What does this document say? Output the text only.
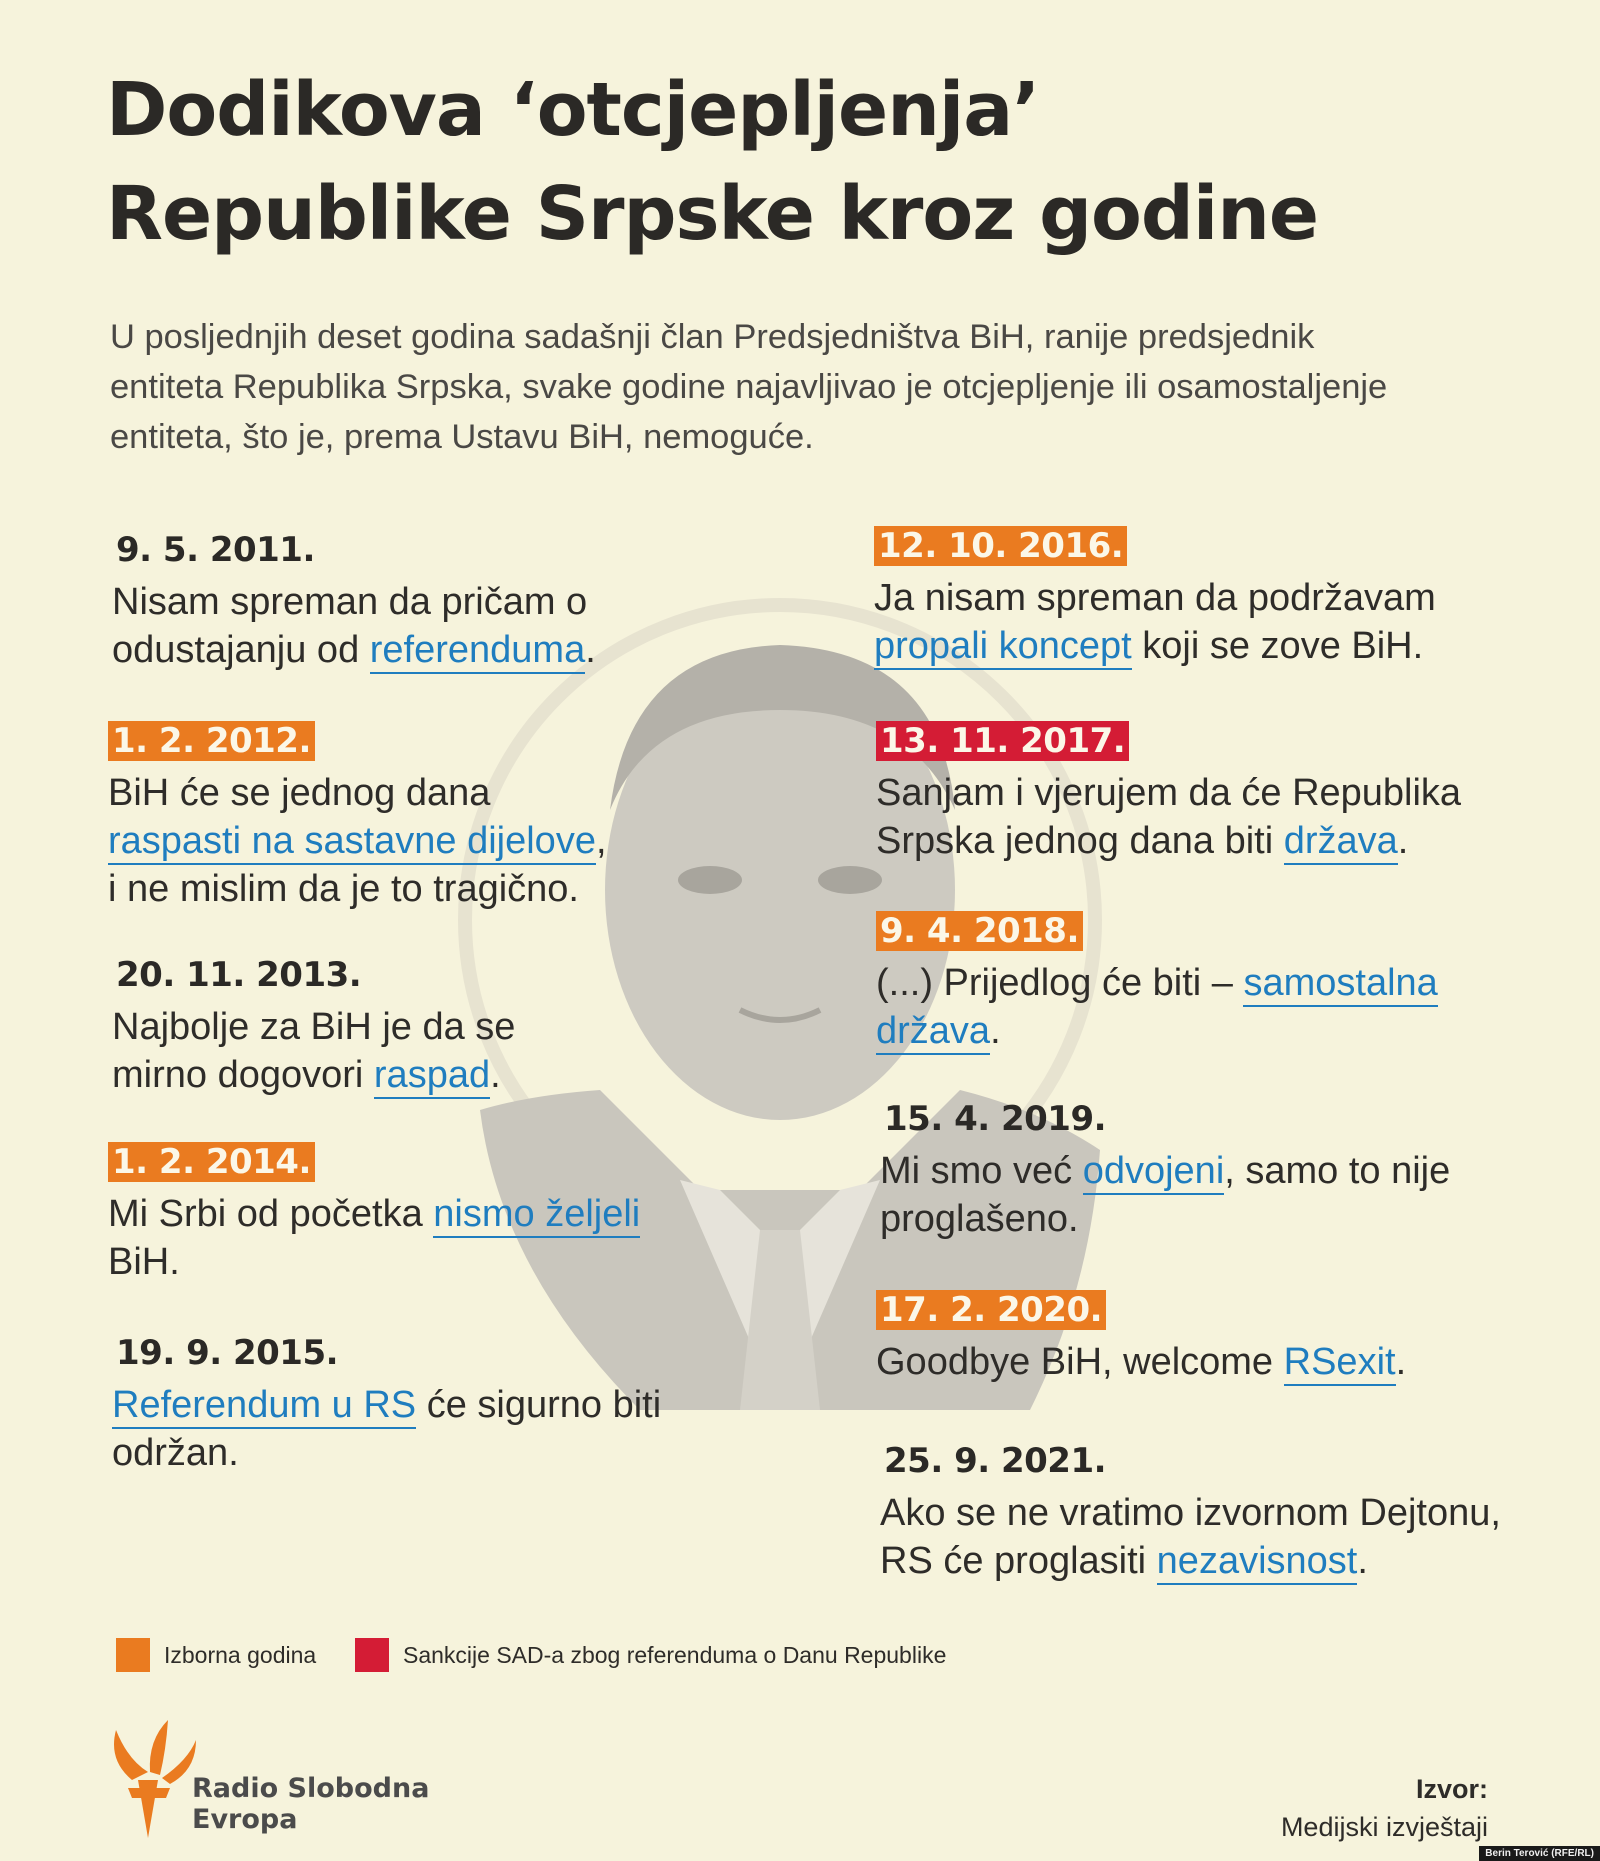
Dodikova ‘otcjepljenja’
Republike Srpske kroz godine
U posljednjih deset godina sadašnji član Predsjedništva BiH, ranije predsjednik
entiteta Republika Srpska, svake godine najavljivao je otcjepljenje ili osamostaljenje
entiteta, što je, prema Ustavu BiH, nemoguće.
9. 5. 2011.
Nisam spreman da pričam o
odustajanju od referenduma.
1. 2. 2012.
BiH će se jednog dana
raspasti na sastavne dijelove,
i ne mislim da je to tragično.
20. 11. 2013.
Najbolje za BiH je da se
mirno dogovori raspad.
1. 2. 2014.
Mi Srbi od početka nismo željeli
BiH.
19. 9. 2015.
Referendum u RS će sigurno biti
održan.
12. 10. 2016.
Ja nisam spreman da podržavam
propali koncept koji se zove BiH.
13. 11. 2017.
Sanjam i vjerujem da će Republika
Srpska jednog dana biti država.
9. 4. 2018.
(...) Prijedlog će biti – samostalna
država.
15. 4. 2019.
Mi smo već odvojeni, samo to nije
proglašeno.
17. 2. 2020.
Goodbye BiH, welcome RSexit.
25. 9. 2021.
Ako se ne vratimo izvornom Dejtonu,
RS će proglasiti nezavisnost.
Izborna godina	Sankcije SAD-a zbog referenduma o Danu Republike
Radio Slobodna
Evropa
Izvor:
Medijski izvještaji
Berin Terović (RFE/RL)
